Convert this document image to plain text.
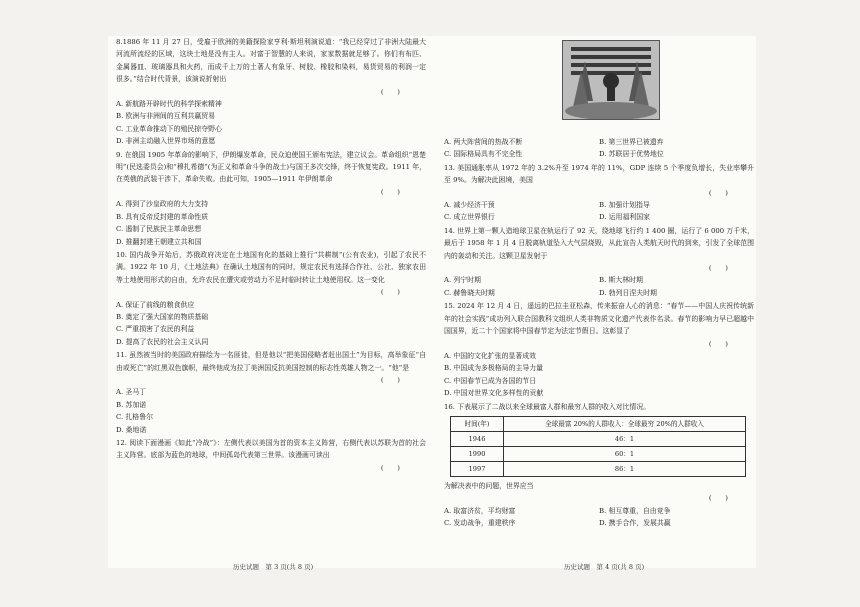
8.1886 年 11 月 27 日，受雇于欧洲的美籍探险家亨利·斯坦利演说道：“我已经穿过了非洲大陆最大河流所流经的区域，这块土地是没有主人。对富于智慧的人来说，家家数据就足够了。你们有布匹、金属器皿、玻璃器具和火药，而成千上万的土著人有象牙、树胶、橡胶和染料，易货贸易的利润一定很多。”结合时代背景，该演说折射出
(　　)
A. 新航路开辟时代的科学探索精神
B. 欧洲与非洲间的互利共赢贸易
C. 工业革命推动下的殖民掠夺野心
D. 非洲主动融入世界市场的意愿
9. 在俄国 1905 年革命的影响下，伊朗爆发革命，民众迫使国王颁布宪法，建立议会。革命组织“恩楚明”(民选委员会)和“穆扎希德”(为正义和革命斗争的战士)与国王多次交锋，终于恢复宪政。1911 年，在英俄的武装干涉下，革命失败。由此可知，1905—1911 年伊朗革命
(　　)
A. 得到了沙皇政府的大力支持
B. 具有反帝反封建的革命性质
C. 遏制了民族民主革命思想
D. 推翻封建王朝建立共和国
10. 国内战争开始后，苏俄政府决定在土地国有化的基础上推行“共耕制”(公有农业)，引起了农民不满。1922 年 10 月，《土地法典》在确认土地国有的同时，规定农民有选择合作社、公社、独家农田等土地使用形式的自由，允许农民在遭灾或劳动力不足时临时转让土地使用权。这一变化
(　　)
A. 保证了前线的粮食供应
B. 奠定了强大国家的物质基础
C. 严重损害了农民的利益
D. 提高了农民的社会主义认同
11. 虽然被当时的美国政府描绘为一名匪徒，但是他以“把美国侵略者赶出国土”为目标，高举象征“自由或死亡”的红黑双色旗帜，最终他成为拉丁美洲国反抗美国控制的标志性英雄人物之一。“他”是
(　　)
A. 圣马丁
B. 苏加诺
C. 扎格鲁尔
D. 桑地诺
12. 阅读下面漫画《如此“冷战”》：左侧代表以美国为首的资本主义阵营，右侧代表以苏联为首的社会主义阵营。底部为蓝色的地球，中间孤岛代表第三世界。该漫画可读出
(　　)
历史试题　第 3 页(共 8 页)
A. 两大阵营间的热战不断	B. 第三世界已被遗弃
C. 国际格局具有不完全性	D. 苏联居于优势地位
13. 美国通胀率从 1972 年的 3.2%升至 1974 年的 11%，GDP 连续 5 个季度负增长，失业率攀升至 9%。为解决此困境，美国
(　　)
A. 减少经济干预	B. 加强计划指导
C. 成立世界银行	D. 运用福利国家
14. 世界上第一颗人造地球卫星在轨运行了 92 天，绕地球飞行约 1 400 圈，运行了 6 000 万千米，最后于 1958 年 1 月 4 日脱离轨道坠入大气层烧毁，从此宣告人类航天时代的到来，引发了全球范围内的轰动和关注。这颗卫星发射于
(　　)
A. 列宁时期	B. 斯大林时期
C. 赫鲁晓夫时期	D. 勃列日涅夫时期
15. 2024 年 12 月 4 日，遥远的巴拉圭亚松森，传来振奋人心的消息：“春节——中国人庆祝传统新年的社会实践”成功列入联合国教科文组织人类非物质文化遗产代表作名录。春节的影响力早已超越中国国界，近二十个国家将中国春节定为法定节假日。这彰显了
(　　)
A. 中国的文化扩张的显著成效
B. 中国成为多极格局的主导力量
C. 中国春节已成为各国的节日
D. 中国对世界文化多样性的贡献
16. 下表展示了二战以来全球最富人群和最穷人群的收入对比情况。
时间(年)	全球最富 20%的人群收入：全球最穷 20%的人群收入
1946	46：1
1990	60：1
1997	86：1
为解决表中的问题，世界应当
(　　)
A. 取富济贫，平均财富	B. 相互尊重，自由竞争
C. 发动战争，重建秩序	D. 携手合作，发展共赢
历史试题　第 4 页(共 8 页)
